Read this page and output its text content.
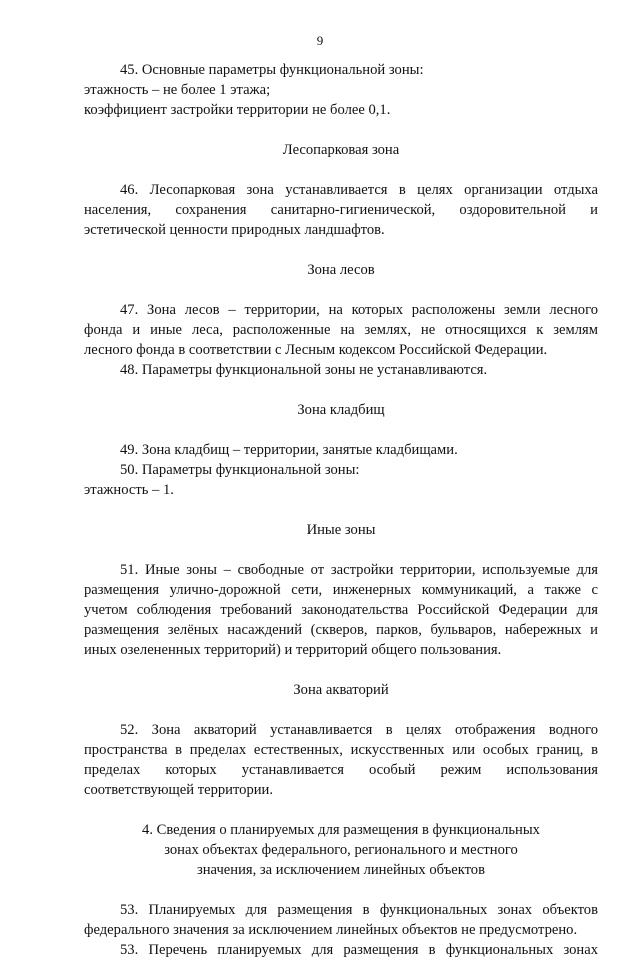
9
45. Основные параметры функциональной зоны:
этажность – не более 1 этажа;
коэффициент застройки территории не более 0,1.
Лесопарковая зона
46. Лесопарковая зона устанавливается в целях организации отдыха
населения, сохранения санитарно-гигиенической, оздоровительной и
эстетической ценности природных ландшафтов.
Зона лесов
47. Зона лесов – территории, на которых расположены земли лесного
фонда и иные леса, расположенные на землях, не относящихся к землям
лесного фонда в соответствии с Лесным кодексом Российской Федерации.
48. Параметры функциональной зоны не устанавливаются.
Зона кладбищ
49. Зона кладбищ – территории, занятые кладбищами.
50. Параметры функциональной зоны:
этажность – 1.
Иные зоны
51. Иные зоны – свободные от застройки территории, используемые для
размещения улично-дорожной сети, инженерных коммуникаций, а также с
учетом соблюдения требований законодательства Российской Федерации для
размещения зелёных насаждений (скверов, парков, бульваров, набережных и
иных озелененных территорий) и территорий общего пользования.
Зона акваторий
52. Зона акваторий устанавливается в целях отображения водного
пространства в пределах естественных, искусственных или особых границ, в
пределах которых устанавливается особый режим использования
соответствующей территории.
4. Сведения о планируемых для размещения в функциональных
зонах объектах федерального, регионального и местного
значения, за исключением линейных объектов
53. Планируемых для размещения в функциональных зонах объектов
федерального значения за исключением линейных объектов не предусмотрено.
53. Перечень планируемых для размещения в функциональных зонах
